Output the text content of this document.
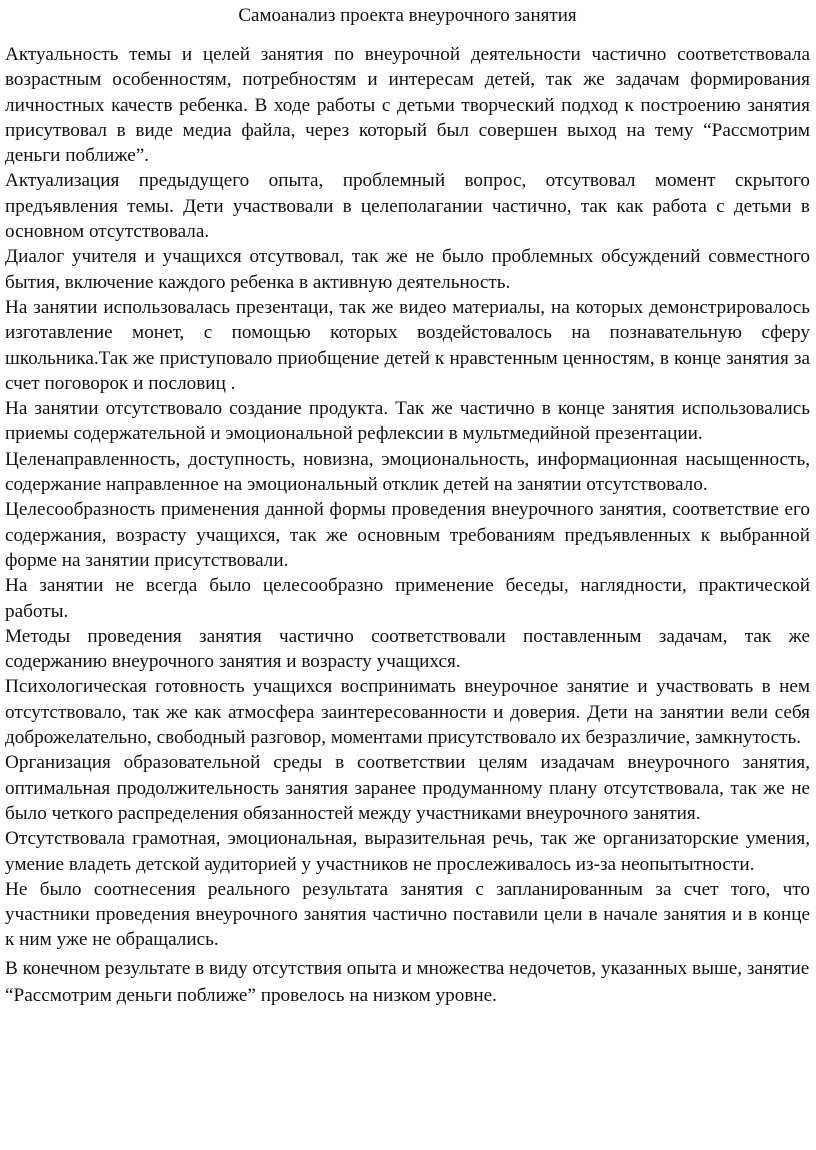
Самоанализ проекта внеурочного занятия

Актуальность темы и целей занятия по внеурочной деятельности частично соответствовала возрастным особенностям, потребностям и интересам детей, так же задачам формирования личностных качеств ребенка. В ходе работы с детьми творческий подход к построению занятия присутвовал в виде медиа файла, через который был совершен выход на тему “Рассмотрим деньги поближе”.

Актуализация предыдущего опыта, проблемный вопрос, отсутвовал момент скрытого предъявления темы. Дети участвовали в целеполагании частично, так как работа с детьми в основном отсутствовала.

Диалог учителя и учащихся отсутвовал, так же не было проблемных обсуждений совместного бытия, включение каждого ребенка в активную деятельность.

На занятии использовалась презентаци, так же видео материалы, на которых демонстрировалось изготавление монет, с помощью которых воздейстовалось на познавательную сферу школьника.Так же приступовало приобщение детей к нравстенным ценностям, в конце занятия за счет поговорок и пословиц .

На занятии отсутствовало создание продукта. Так же частично в конце занятия использовались приемы содержательной и эмоциональной рефлексии в мультмедийной презентации.

Целенаправленность, доступность, новизна, эмоциональность, информационная насыщенность, содержание направленное на эмоциональный отклик детей на занятии отсутствовало.

Целесообразность применения данной формы проведения внеурочного занятия, соответствие его содержания, возрасту учащихся, так же основным требованиям предъявленных к выбранной форме на занятии присутствовали.

На занятии не всегда было целесообразно применение беседы, наглядности, практической работы.

Методы проведения занятия частично соответствовали поставленным задачам, так же содержанию внеурочного занятия и возрасту учащихся.

Психологическая готовность учащихся воспринимать внеурочное занятие и участвовать в нем отсутствовало, так же как атмосфера заинтересованности и доверия. Дети на занятии вели себя доброжелательно, свободный разговор, моментами присутствовало их безразличие, замкнутость.

Организация образовательной среды в соответствии целям изадачам внеурочного занятия, оптимальная продолжительность занятия заранее продуманному плану отсутствовала, так же не было четкого распределения обязанностей между участниками внеурочного занятия.

Отсутствовала грамотная, эмоциональная, выразительная речь, так же организаторские умения, умение владеть детской аудиторией у участников не прослеживалось из-за неопытытности.

Не было соотнесения реального результата занятия с запланированным за счет того, что участники проведения внеурочного занятия частично поставили цели в начале занятия и в конце к ним уже не обращались.

В конечном результате в виду отсутствия опыта и множества недочетов, указанных выше, занятие “Рассмотрим деньги поближе” провелось на низком уровне.
